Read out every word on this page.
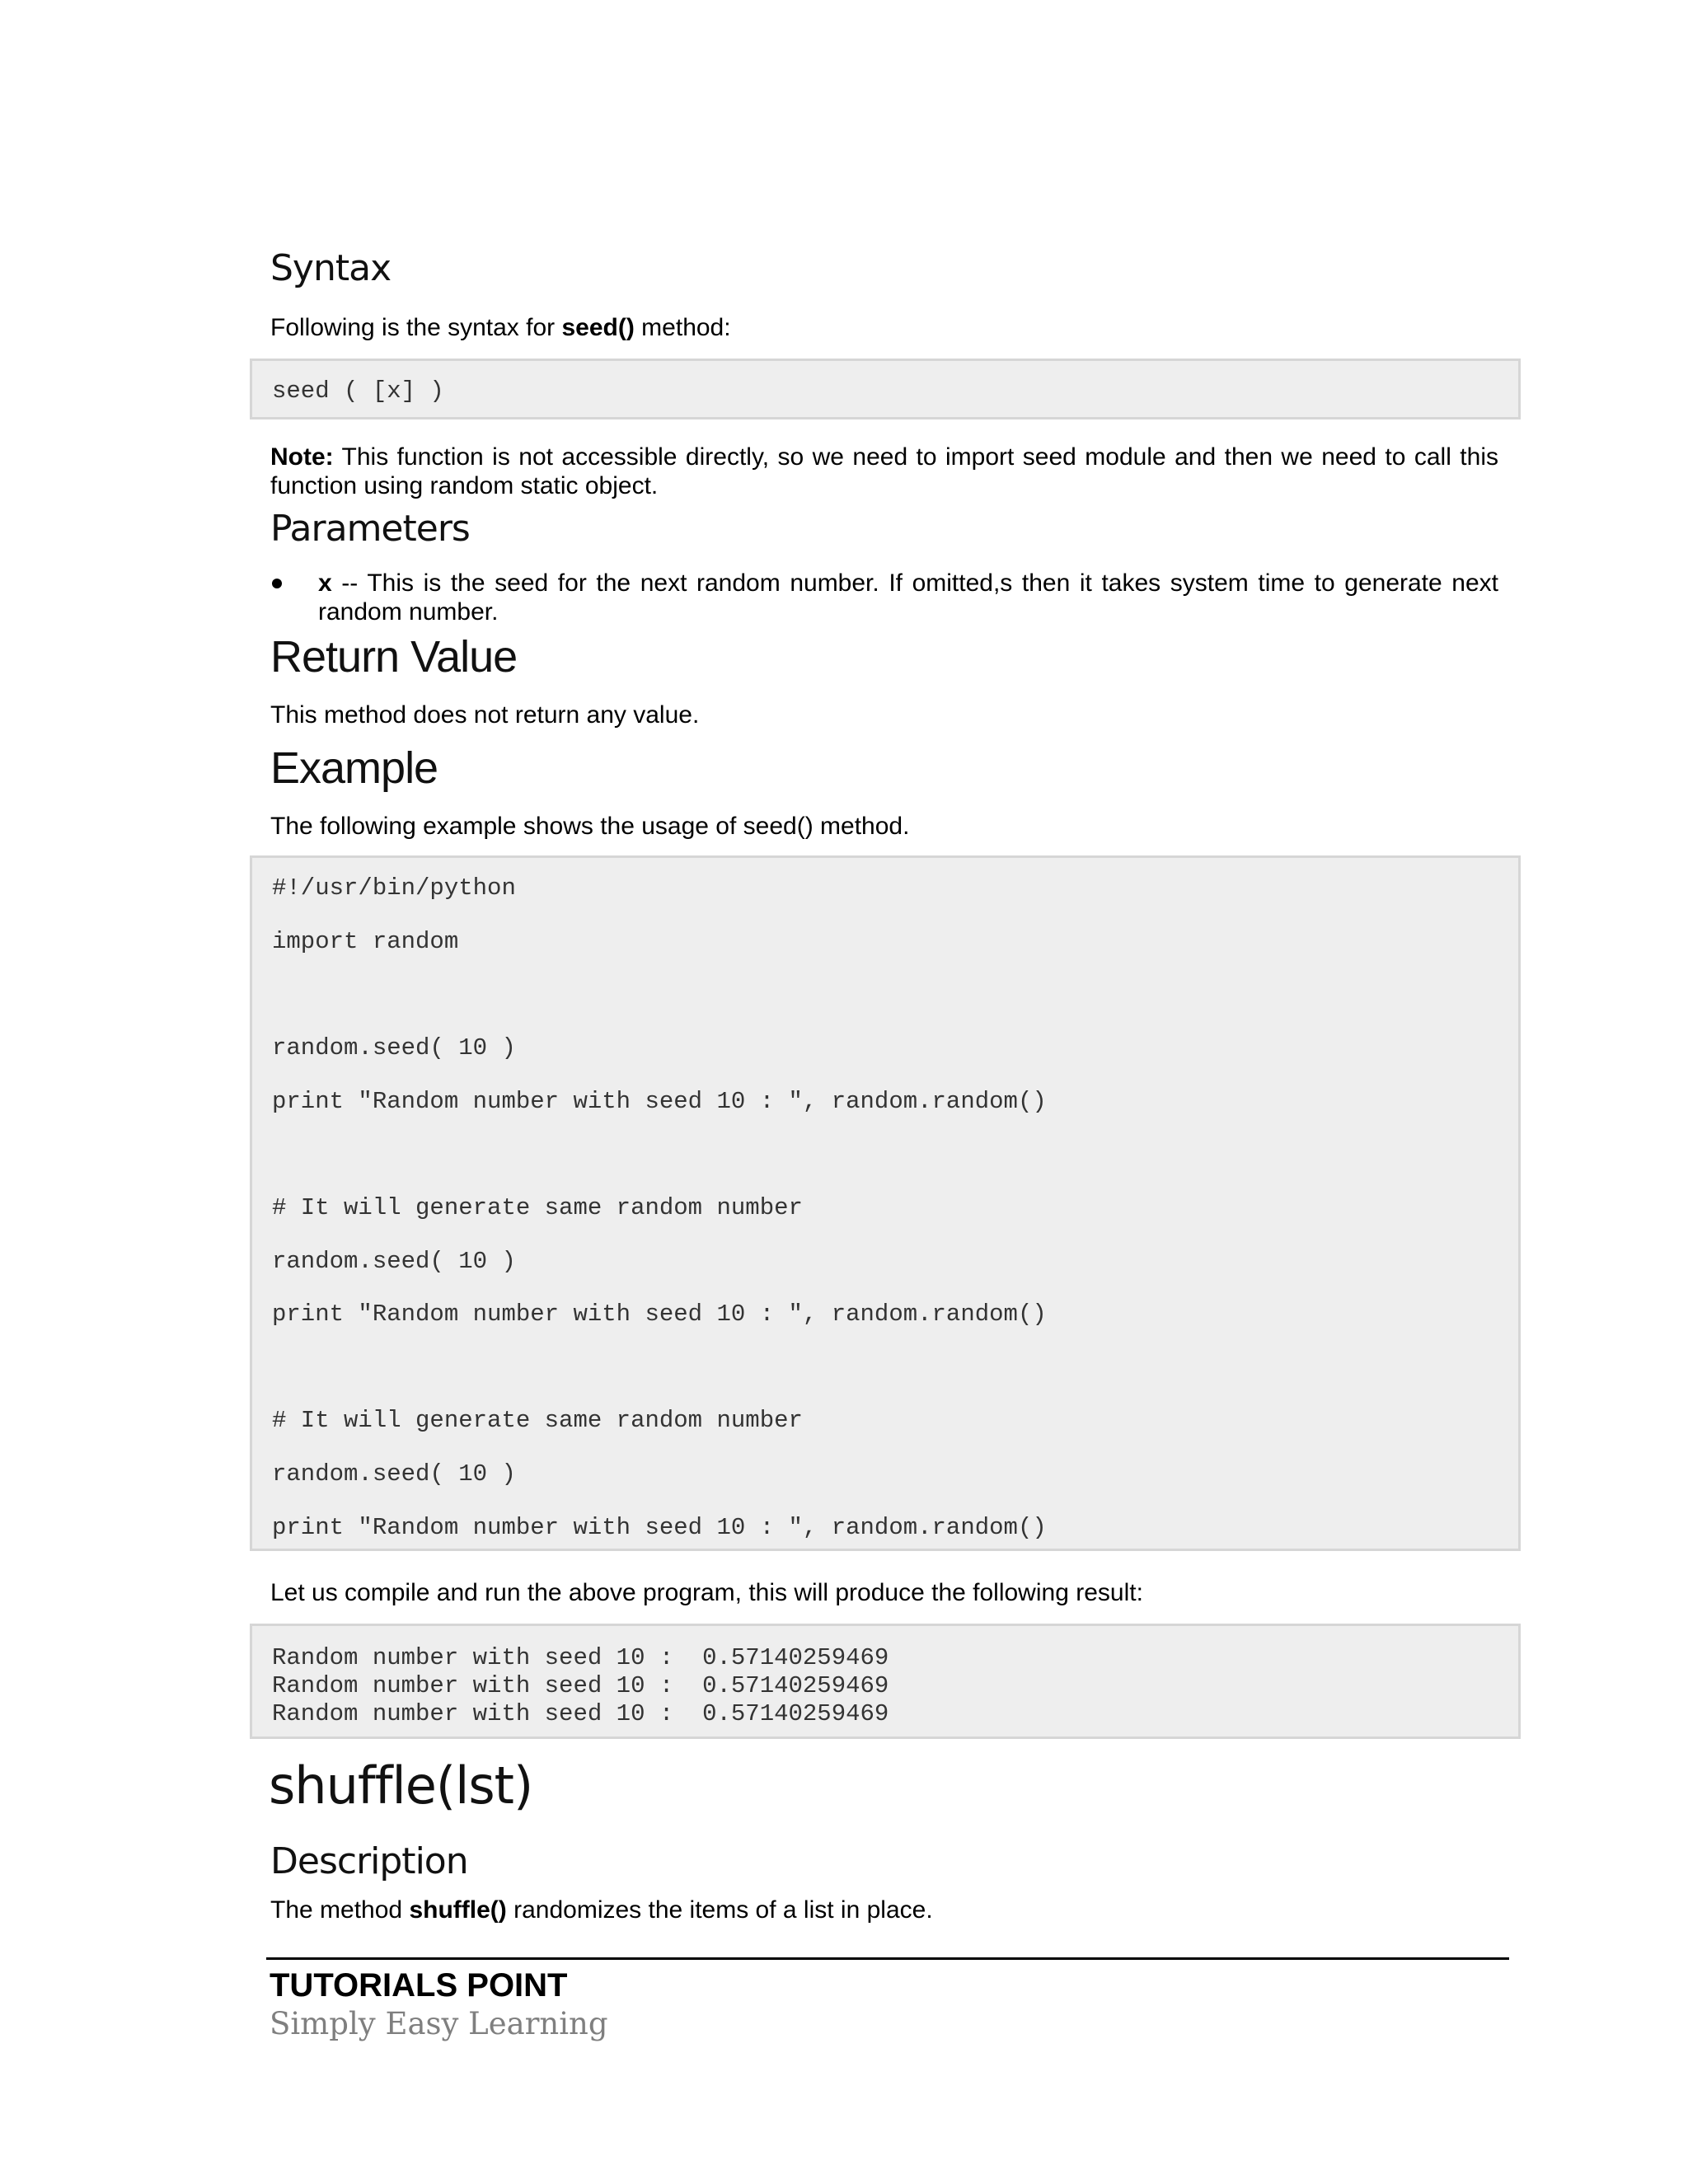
Syntax
Following is the syntax for seed() method:
seed ( [x] )
Note: This function is not accessible directly, so we need to import seed module and then we need to call this function using random static object.
Parameters
x -- This is the seed for the next random number. If omitted,s then it takes system time to generate next random number.
Return Value
This method does not return any value.
Example
The following example shows the usage of seed() method.
#!/usr/bin/python
import random
random.seed( 10 )
print "Random number with seed 10 : ", random.random()
# It will generate same random number
random.seed( 10 )
print "Random number with seed 10 : ", random.random()
# It will generate same random number
random.seed( 10 )
print "Random number with seed 10 : ", random.random()
Let us compile and run the above program, this will produce the following result:
Random number with seed 10 :  0.57140259469
Random number with seed 10 :  0.57140259469
Random number with seed 10 :  0.57140259469
shuffle(lst)
Description
The method shuffle() randomizes the items of a list in place.
TUTORIALS POINT
Simply Easy Learning
